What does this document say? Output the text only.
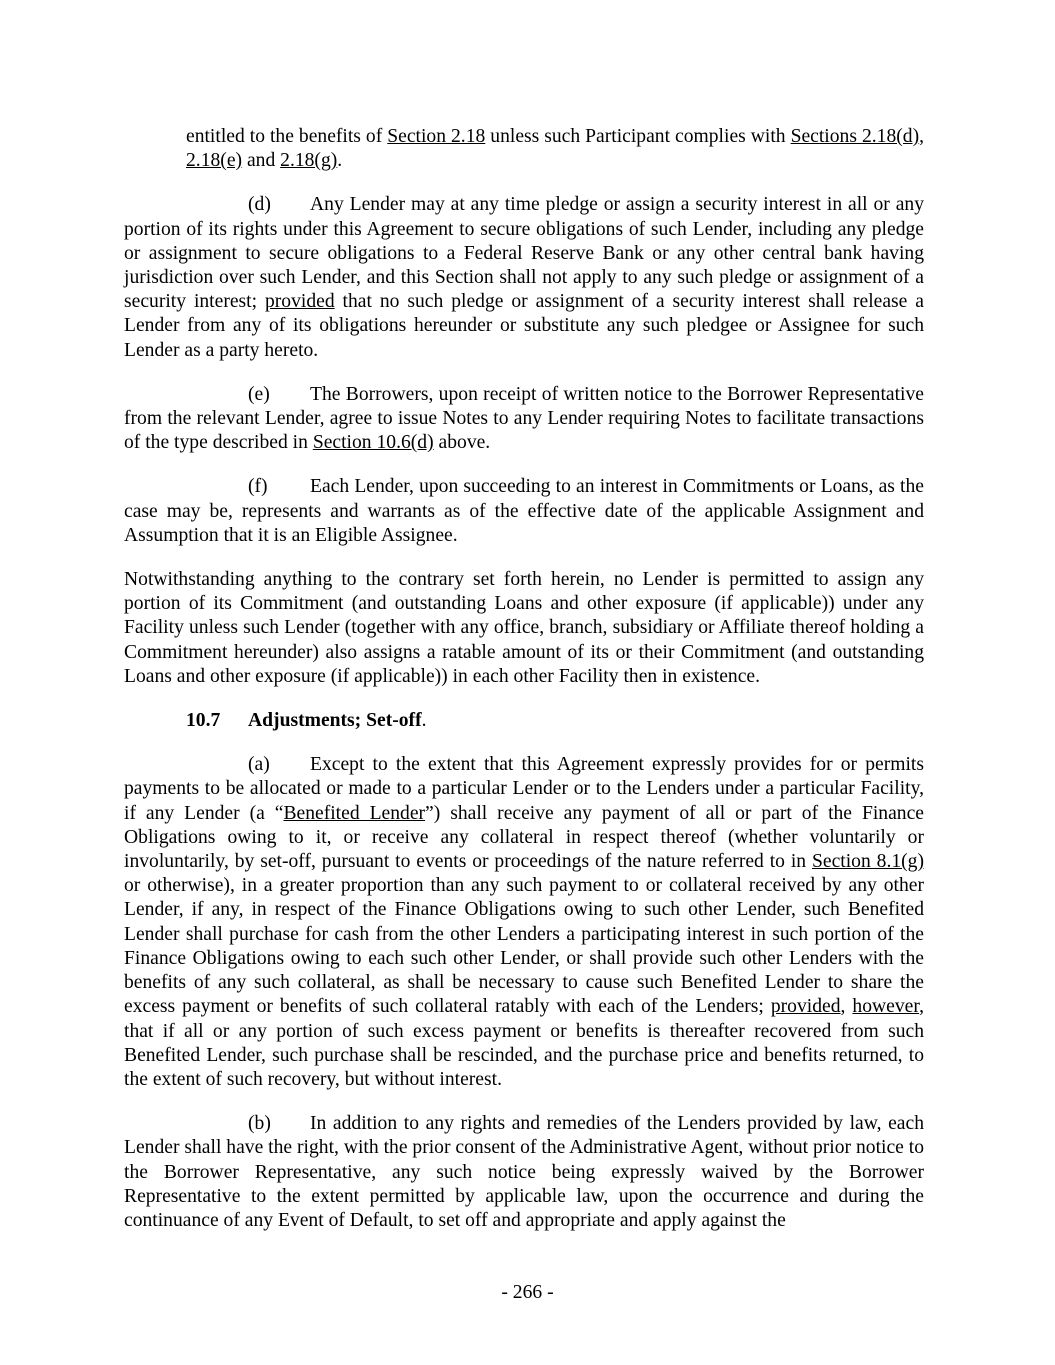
entitled to the benefits of Section 2.18 unless such Participant complies with Sections 2.18(d), 2.18(e) and 2.18(g).

(d) Any Lender may at any time pledge or assign a security interest in all or any portion of its rights under this Agreement to secure obligations of such Lender, including any pledge or assignment to secure obligations to a Federal Reserve Bank or any other central bank having jurisdiction over such Lender, and this Section shall not apply to any such pledge or assignment of a security interest; provided that no such pledge or assignment of a security interest shall release a Lender from any of its obligations hereunder or substitute any such pledgee or Assignee for such Lender as a party hereto.

(e) The Borrowers, upon receipt of written notice to the Borrower Representative from the relevant Lender, agree to issue Notes to any Lender requiring Notes to facilitate transactions of the type described in Section 10.6(d) above.

(f) Each Lender, upon succeeding to an interest in Commitments or Loans, as the case may be, represents and warrants as of the effective date of the applicable Assignment and Assumption that it is an Eligible Assignee.

Notwithstanding anything to the contrary set forth herein, no Lender is permitted to assign any portion of its Commitment (and outstanding Loans and other exposure (if applicable)) under any Facility unless such Lender (together with any office, branch, subsidiary or Affiliate thereof holding a Commitment hereunder) also assigns a ratable amount of its or their Commitment (and outstanding Loans and other exposure (if applicable)) in each other Facility then in existence.

10.7 Adjustments; Set-off.

(a) Except to the extent that this Agreement expressly provides for or permits payments to be allocated or made to a particular Lender or to the Lenders under a particular Facility, if any Lender (a “Benefited Lender”) shall receive any payment of all or part of the Finance Obligations owing to it, or receive any collateral in respect thereof (whether voluntarily or involuntarily, by set-off, pursuant to events or proceedings of the nature referred to in Section 8.1(g) or otherwise), in a greater proportion than any such payment to or collateral received by any other Lender, if any, in respect of the Finance Obligations owing to such other Lender, such Benefited Lender shall purchase for cash from the other Lenders a participating interest in such portion of the Finance Obligations owing to each such other Lender, or shall provide such other Lenders with the benefits of any such collateral, as shall be necessary to cause such Benefited Lender to share the excess payment or benefits of such collateral ratably with each of the Lenders; provided, however, that if all or any portion of such excess payment or benefits is thereafter recovered from such Benefited Lender, such purchase shall be rescinded, and the purchase price and benefits returned, to the extent of such recovery, but without interest.

(b) In addition to any rights and remedies of the Lenders provided by law, each Lender shall have the right, with the prior consent of the Administrative Agent, without prior notice to the Borrower Representative, any such notice being expressly waived by the Borrower Representative to the extent permitted by applicable law, upon the occurrence and during the continuance of any Event of Default, to set off and appropriate and apply against the

- 266 -
